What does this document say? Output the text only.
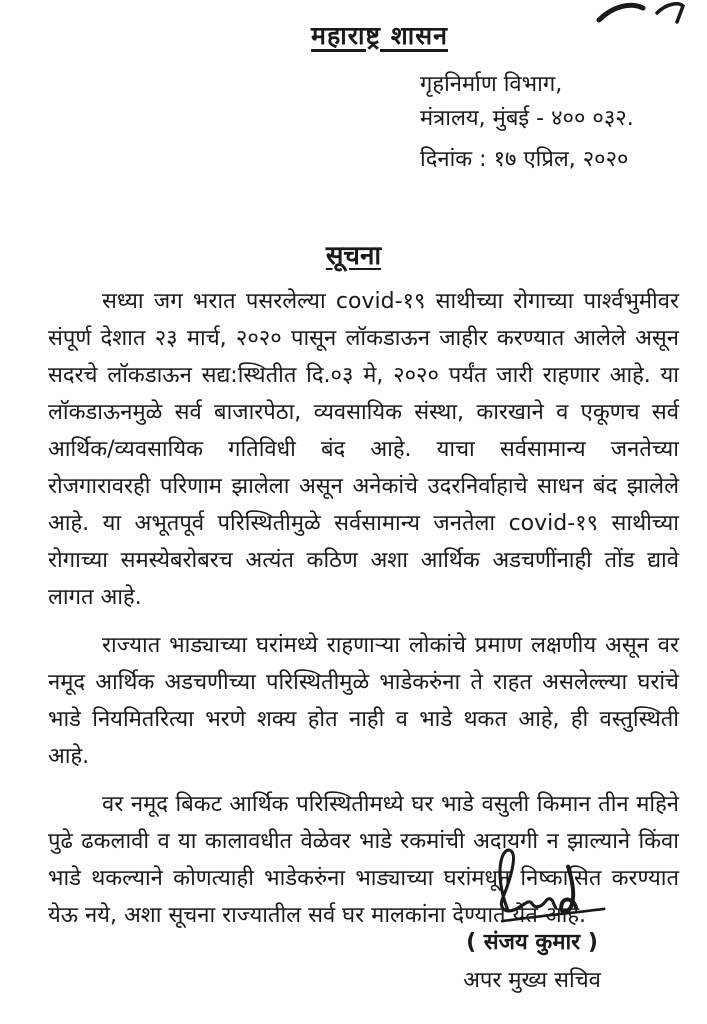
महाराष्ट्र शासन
गृहनिर्माण विभाग,
मंत्रालय, मुंबई - ४०० ०३२.
दिनांक : १७ एप्रिल, २०२०
सूचना

सध्या जग भरात पसरलेल्या covid-१९ साथीच्या रोगाच्या पार्श्वभुमीवर संपूर्ण देशात २३ मार्च, २०२० पासून लॉकडाऊन जाहीर करण्यात आलेले असून सदरचे लॉकडाऊन सद्य:स्थितीत दि.०३ मे, २०२० पर्यंत जारी राहणार आहे. या लॉकडाऊनमुळे सर्व बाजारपेठा, व्यवसायिक संस्था, कारखाने व एकूणच सर्व आर्थिक/व्यवसायिक गतिविधी बंद आहे. याचा सर्वसामान्य जनतेच्या रोजगारावरही परिणाम झालेला असून अनेकांचे उदरनिर्वाहाचे साधन बंद झालेले आहे. या अभूतपूर्व परिस्थितीमुळे सर्वसामान्य जनतेला covid-१९ साथीच्या रोगाच्या समस्येबरोबरच अत्यंत कठिण अशा आर्थिक अडचणींनाही तोंड द्यावे लागत आहे.

राज्यात भाड्याच्या घरांमध्ये राहणाऱ्या लोकांचे प्रमाण लक्षणीय असून वर नमूद आर्थिक अडचणीच्या परिस्थितीमुळे भाडेकरुंना ते राहत असलेल्ल्या घरांचे भाडे नियमितरित्या भरणे शक्य होत नाही व भाडे थकत आहे, ही वस्तुस्थिती आहे.

वर नमूद बिकट आर्थिक परिस्थितीमध्ये घर भाडे वसुली किमान तीन महिने पुढे ढकलावी व या कालावधीत वेळेवर भाडे रकमांची अदायगी न झाल्याने किंवा भाडे थकल्याने कोणत्याही भाडेकरुंना भाड्याच्या घरांमधून निष्कासित करण्यात येऊ नये, अशा सूचना राज्यातील सर्व घर मालकांना देण्यात येत आहे.

( संजय कुमार )
अपर मुख्य सचिव
